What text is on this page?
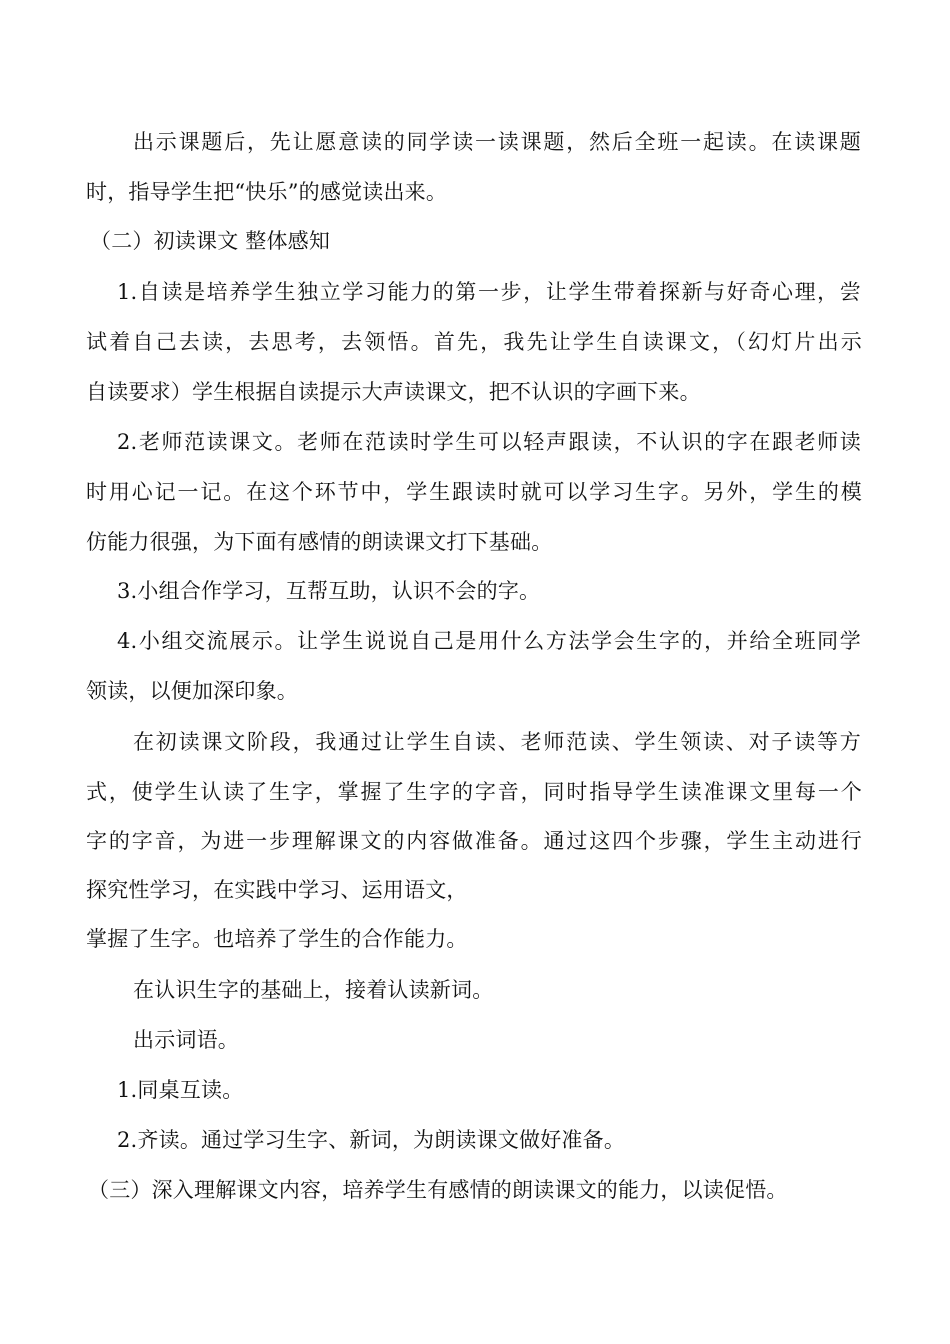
出示课题后，先让愿意读的同学读一读课题，然后全班一起读。在读课题
时，指导学生把“快乐”的感觉读出来。
（二）初读课文 整体感知
1.自读是培养学生独立学习能力的第一步，让学生带着探新与好奇心理，尝
试着自己去读，去思考，去领悟。首先，我先让学生自读课文，（幻灯片出示
自读要求）学生根据自读提示大声读课文，把不认识的字画下来。
2.老师范读课文。老师在范读时学生可以轻声跟读，不认识的字在跟老师读
时用心记一记。在这个环节中，学生跟读时就可以学习生字。另外，学生的模
仿能力很强，为下面有感情的朗读课文打下基础。
3.小组合作学习，互帮互助，认识不会的字。
4.小组交流展示。让学生说说自己是用什么方法学会生字的，并给全班同学
领读，以便加深印象。
在初读课文阶段，我通过让学生自读、老师范读、学生领读、对子读等方
式，使学生认读了生字，掌握了生字的字音，同时指导学生读准课文里每一个
字的字音，为进一步理解课文的内容做准备。通过这四个步骤，学生主动进行
探究性学习，在实践中学习、运用语文，
掌握了生字。也培养了学生的合作能力。
在认识生字的基础上，接着认读新词。
出示词语。
1.同桌互读。
2.齐读。通过学习生字、新词，为朗读课文做好准备。
（三）深入理解课文内容，培养学生有感情的朗读课文的能力，以读促悟。
